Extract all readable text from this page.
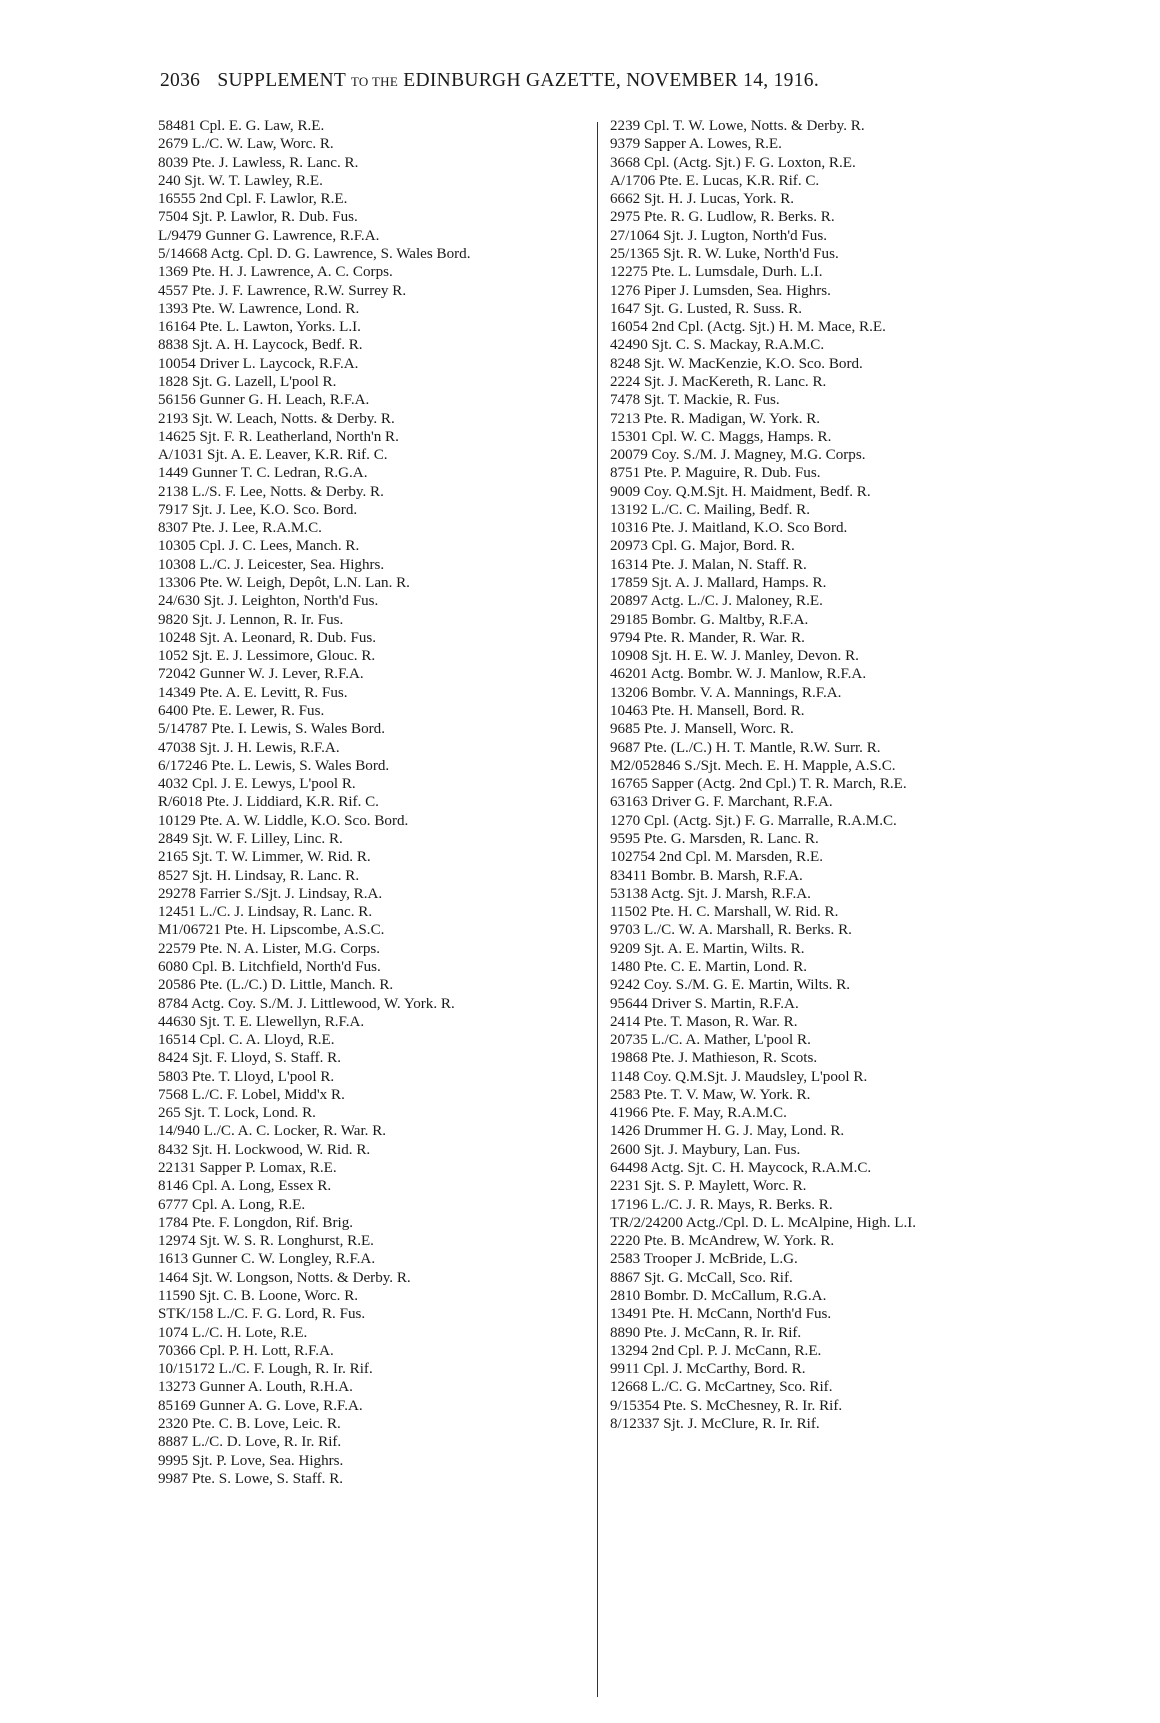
2036 SUPPLEMENT TO THE EDINBURGH GAZETTE, NOVEMBER 14, 1916.
58481 Cpl. E. G. Law, R.E.
2679 L./C. W. Law, Worc. R.
8039 Pte. J. Lawless, R. Lanc. R.
240 Sjt. W. T. Lawley, R.E.
16555 2nd Cpl. F. Lawlor, R.E.
7504 Sjt. P. Lawlor, R. Dub. Fus.
L/9479 Gunner G. Lawrence, R.F.A.
5/14668 Actg. Cpl. D. G. Lawrence, S. Wales Bord.
1369 Pte. H. J. Lawrence, A. C. Corps.
4557 Pte. J. F. Lawrence, R.W. Surrey R.
1393 Pte. W. Lawrence, Lond. R.
16164 Pte. L. Lawton, Yorks. L.I.
8838 Sjt. A. H. Laycock, Bedf. R.
10054 Driver L. Laycock, R.F.A.
1828 Sjt. G. Lazell, L'pool R.
56156 Gunner G. H. Leach, R.F.A.
2193 Sjt. W. Leach, Notts. & Derby. R.
14625 Sjt. F. R. Leatherland, North'n R.
A/1031 Sjt. A. E. Leaver, K.R. Rif. C.
1449 Gunner T. C. Ledran, R.G.A.
2138 L./S. F. Lee, Notts. & Derby. R.
7917 Sjt. J. Lee, K.O. Sco. Bord.
8307 Pte. J. Lee, R.A.M.C.
10305 Cpl. J. C. Lees, Manch. R.
10308 L./C. J. Leicester, Sea. Highrs.
13306 Pte. W. Leigh, Depôt, L.N. Lan. R.
24/630 Sjt. J. Leighton, North'd Fus.
9820 Sjt. J. Lennon, R. Ir. Fus.
10248 Sjt. A. Leonard, R. Dub. Fus.
1052 Sjt. E. J. Lessimore, Glouc. R.
72042 Gunner W. J. Lever, R.F.A.
14349 Pte. A. E. Levitt, R. Fus.
6400 Pte. E. Lewer, R. Fus.
5/14787 Pte. I. Lewis, S. Wales Bord.
47038 Sjt. J. H. Lewis, R.F.A.
6/17246 Pte. L. Lewis, S. Wales Bord.
4032 Cpl. J. E. Lewys, L'pool R.
R/6018 Pte. J. Liddiard, K.R. Rif. C.
10129 Pte. A. W. Liddle, K.O. Sco. Bord.
2849 Sjt. W. F. Lilley, Linc. R.
2165 Sjt. T. W. Limmer, W. Rid. R.
8527 Sjt. H. Lindsay, R. Lanc. R.
29278 Farrier S./Sjt. J. Lindsay, R.A.
12451 L./C. J. Lindsay, R. Lanc. R.
M1/06721 Pte. H. Lipscombe, A.S.C.
22579 Pte. N. A. Lister, M.G. Corps.
6080 Cpl. B. Litchfield, North'd Fus.
20586 Pte. (L./C.) D. Little, Manch. R.
8784 Actg. Coy. S./M. J. Littlewood, W. York. R.
44630 Sjt. T. E. Llewellyn, R.F.A.
16514 Cpl. C. A. Lloyd, R.E.
8424 Sjt. F. Lloyd, S. Staff. R.
5803 Pte. T. Lloyd, L'pool R.
7568 L./C. F. Lobel, Midd'x R.
265 Sjt. T. Lock, Lond. R.
14/940 L./C. A. C. Locker, R. War. R.
8432 Sjt. H. Lockwood, W. Rid. R.
22131 Sapper P. Lomax, R.E.
8146 Cpl. A. Long, Essex R.
6777 Cpl. A. Long, R.E.
1784 Pte. F. Longdon, Rif. Brig.
12974 Sjt. W. S. R. Longhurst, R.E.
1613 Gunner C. W. Longley, R.F.A.
1464 Sjt. W. Longson, Notts. & Derby. R.
11590 Sjt. C. B. Loone, Worc. R.
STK/158 L./C. F. G. Lord, R. Fus.
1074 L./C. H. Lote, R.E.
70366 Cpl. P. H. Lott, R.F.A.
10/15172 L./C. F. Lough, R. Ir. Rif.
13273 Gunner A. Louth, R.H.A.
85169 Gunner A. G. Love, R.F.A.
2320 Pte. C. B. Love, Leic. R.
8887 L./C. D. Love, R. Ir. Rif.
9995 Sjt. P. Love, Sea. Highrs.
9987 Pte. S. Lowe, S. Staff. R.
2239 Cpl. T. W. Lowe, Notts. & Derby. R.
9379 Sapper A. Lowes, R.E.
3668 Cpl. (Actg. Sjt.) F. G. Loxton, R.E.
A/1706 Pte. E. Lucas, K.R. Rif. C.
6662 Sjt. H. J. Lucas, York. R.
2975 Pte. R. G. Ludlow, R. Berks. R.
27/1064 Sjt. J. Lugton, North'd Fus.
25/1365 Sjt. R. W. Luke, North'd Fus.
12275 Pte. L. Lumsdale, Durh. L.I.
1276 Piper J. Lumsden, Sea. Highrs.
1647 Sjt. G. Lusted, R. Suss. R.
16054 2nd Cpl. (Actg. Sjt.) H. M. Mace, R.E.
42490 Sjt. C. S. Mackay, R.A.M.C.
8248 Sjt. W. MacKenzie, K.O. Sco. Bord.
2224 Sjt. J. MacKereth, R. Lanc. R.
7478 Sjt. T. Mackie, R. Fus.
7213 Pte. R. Madigan, W. York. R.
15301 Cpl. W. C. Maggs, Hamps. R.
20079 Coy. S./M. J. Magney, M.G. Corps.
8751 Pte. P. Maguire, R. Dub. Fus.
9009 Coy. Q.M.Sjt. H. Maidment, Bedf. R.
13192 L./C. C. Mailing, Bedf. R.
10316 Pte. J. Maitland, K.O. Sco Bord.
20973 Cpl. G. Major, Bord. R.
16314 Pte. J. Malan, N. Staff. R.
17859 Sjt. A. J. Mallard, Hamps. R.
20897 Actg. L./C. J. Maloney, R.E.
29185 Bombr. G. Maltby, R.F.A.
9794 Pte. R. Mander, R. War. R.
10908 Sjt. H. E. W. J. Manley, Devon. R.
46201 Actg. Bombr. W. J. Manlow, R.F.A.
13206 Bombr. V. A. Mannings, R.F.A.
10463 Pte. H. Mansell, Bord. R.
9685 Pte. J. Mansell, Worc. R.
9687 Pte. (L./C.) H. T. Mantle, R.W. Surr. R.
M2/052846 S./Sjt. Mech. E. H. Mapple, A.S.C.
16765 Sapper (Actg. 2nd Cpl.) T. R. March, R.E.
63163 Driver G. F. Marchant, R.F.A.
1270 Cpl. (Actg. Sjt.) F. G. Marralle, R.A.M.C.
9595 Pte. G. Marsden, R. Lanc. R.
102754 2nd Cpl. M. Marsden, R.E.
83411 Bombr. B. Marsh, R.F.A.
53138 Actg. Sjt. J. Marsh, R.F.A.
11502 Pte. H. C. Marshall, W. Rid. R.
9703 L./C. W. A. Marshall, R. Berks. R.
9209 Sjt. A. E. Martin, Wilts. R.
1480 Pte. C. E. Martin, Lond. R.
9242 Coy. S./M. G. E. Martin, Wilts. R.
95644 Driver S. Martin, R.F.A.
2414 Pte. T. Mason, R. War. R.
20735 L./C. A. Mather, L'pool R.
19868 Pte. J. Mathieson, R. Scots.
1148 Coy. Q.M.Sjt. J. Maudsley, L'pool R.
2583 Pte. T. V. Maw, W. York. R.
41966 Pte. F. May, R.A.M.C.
1426 Drummer H. G. J. May, Lond. R.
2600 Sjt. J. Maybury, Lan. Fus.
64498 Actg. Sjt. C. H. Maycock, R.A.M.C.
2231 Sjt. S. P. Maylett, Worc. R.
17196 L./C. J. R. Mays, R. Berks. R.
TR/2/24200 Actg./Cpl. D. L. McAlpine, High. L.I.
2220 Pte. B. McAndrew, W. York. R.
2583 Trooper J. McBride, L.G.
8867 Sjt. G. McCall, Sco. Rif.
2810 Bombr. D. McCallum, R.G.A.
13491 Pte. H. McCann, North'd Fus.
8890 Pte. J. McCann, R. Ir. Rif.
13294 2nd Cpl. P. J. McCann, R.E.
9911 Cpl. J. McCarthy, Bord. R.
12668 L./C. G. McCartney, Sco. Rif.
9/15354 Pte. S. McChesney, R. Ir. Rif.
8/12337 Sjt. J. McClure, R. Ir. Rif.
